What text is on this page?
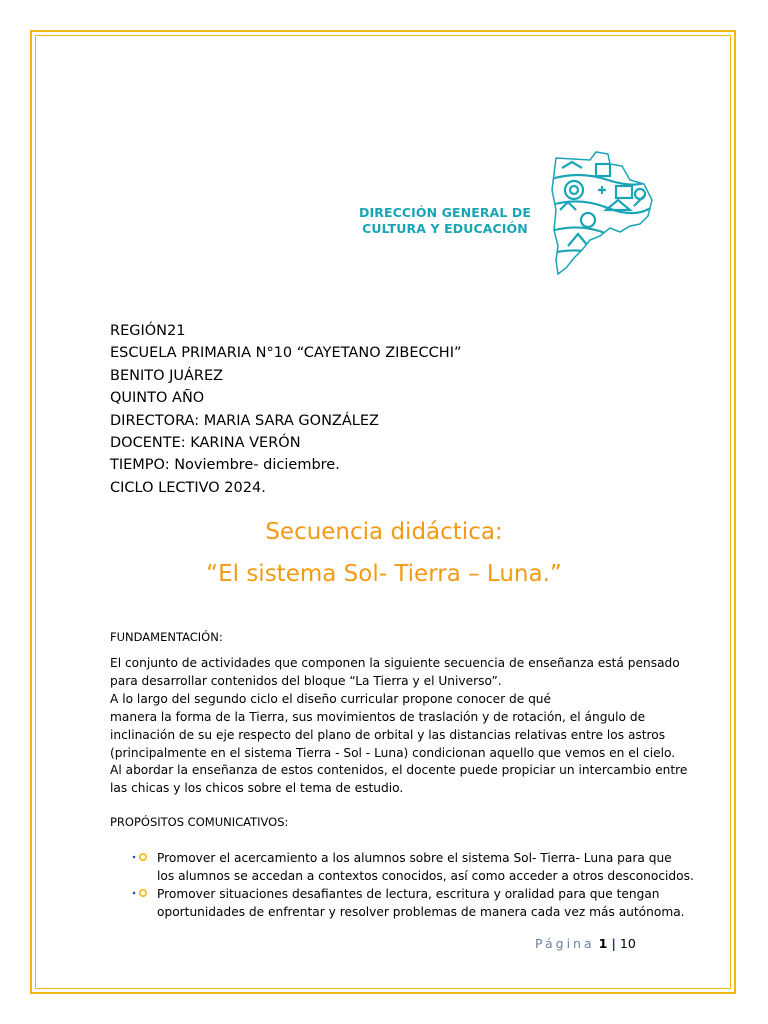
DIRECCIÓN GENERAL DE
CULTURA Y EDUCACIÓN
REGIÓN21
ESCUELA PRIMARIA N°10 “CAYETANO ZIBECCHI”
BENITO JUÁREZ
QUINTO AÑO
DIRECTORA: MARIA SARA GONZÁLEZ
DOCENTE: KARINA VERÓN
TIEMPO: Noviembre- diciembre.
CICLO LECTIVO 2024.
Secuencia didáctica:
“El sistema Sol- Tierra – Luna.”
FUNDAMENTACIÓN:
El conjunto de actividades que componen la siguiente secuencia de enseñanza está pensado
para desarrollar contenidos del bloque “La Tierra y el Universo”.
A lo largo del segundo ciclo el diseño curricular propone conocer de qué
manera la forma de la Tierra, sus movimientos de traslación y de rotación, el ángulo de
inclinación de su eje respecto del plano de orbital y las distancias relativas entre los astros
(principalmente en el sistema Tierra - Sol - Luna) condicionan aquello que vemos en el cielo.
Al abordar la enseñanza de estos contenidos, el docente puede propiciar un intercambio entre
las chicas y los chicos sobre el tema de estudio.
PROPÓSITOS COMUNICATIVOS:
Promover el acercamiento a los alumnos sobre el sistema Sol- Tierra- Luna para que
los alumnos se accedan a contextos conocidos, así como acceder a otros desconocidos.
Promover situaciones desafiantes de lectura, escritura y oralidad para que tengan
oportunidades de enfrentar y resolver problemas de manera cada vez más autónoma.
Página 1 | 10
